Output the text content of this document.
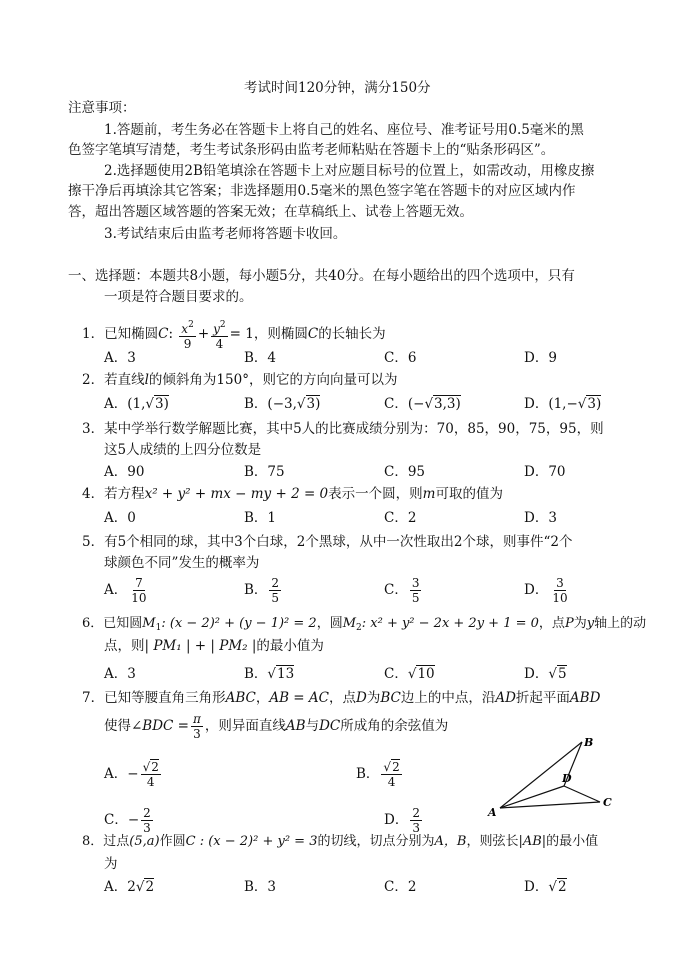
考试时间120分钟，满分150分
注意事项：
1.答题前，考生务必在答题卡上将自己的姓名、座位号、准考证号用0.5毫米的黑
色签字笔填写清楚，考生考试条形码由监考老师粘贴在答题卡上的“贴条形码区”。
2.选择题使用2B铅笔填涂在答题卡上对应题目标号的位置上，如需改动，用橡皮擦
擦干净后再填涂其它答案；非选择题用0.5毫米的黑色签字笔在答题卡的对应区域内作
答，超出答题区域答题的答案无效；在草稿纸上、试卷上答题无效。
3.考试结束后由监考老师将答题卡收回。
一、选择题：本题共8小题，每小题5分，共40分。在每小题给出的四个选项中，只有
一项是符合题目要求的。
1．已知椭圆C: $\frac{x^2}{9} + \frac{y^2}{4} = 1$，则椭圆C的长轴长为
A．3	B．4	C．6	D．9
2．若直线l的倾斜角为150°，则它的方向向量可以为
A．(1,√3)	B．(−3,√3)	C．(−√3,3)	D．(1,−√3)
3．某中学举行数学解题比赛，其中5人的比赛成绩分别为：70，85，90，75，95，则
这5人成绩的上四分位数是
A．90	B．75	C．95	D．70
4．若方程x² + y² + mx − my + 2 = 0表示一个圆，则m可取的值为
A．0	B．1	C．2	D．3
5．有5个相同的球，其中3个白球，2个黑球，从中一次性取出2个球，则事件“2个
球颜色不同”发生的概率为
A． $\frac{7}{10}$	B． $\frac{2}{5}$	C． $\frac{3}{5}$	D． $\frac{3}{10}$
6．已知圆$M_1$: (x − 2)² + (y − 1)² = 2，圆$M_2$: x² + y² − 2x + 2y + 1 = 0，点P为y轴上的动
点，则| PM₁ | + | PM₂ |的最小值为
A．3	B．√13	C．√10	D．√5
7．已知等腰直角三角形ABC，AB = AC，点D为BC边上的中点，沿AD折起平面ABD
使得∠BDC = $\frac{\pi}{3}$ ，则异面直线AB与DC所成角的余弦值为
A．− $\frac{√2}{4}$	B． $\frac{√2}{4}$
C．− $\frac{2}{3}$	D． $\frac{2}{3}$	A
B
C
D
8．过点(5,a)作圆C : (x − 2)² + y² = 3的切线，切点分别为A，B，则弦长|AB|的最小值
为
A．2√2	B．3	C．2	D．√2
